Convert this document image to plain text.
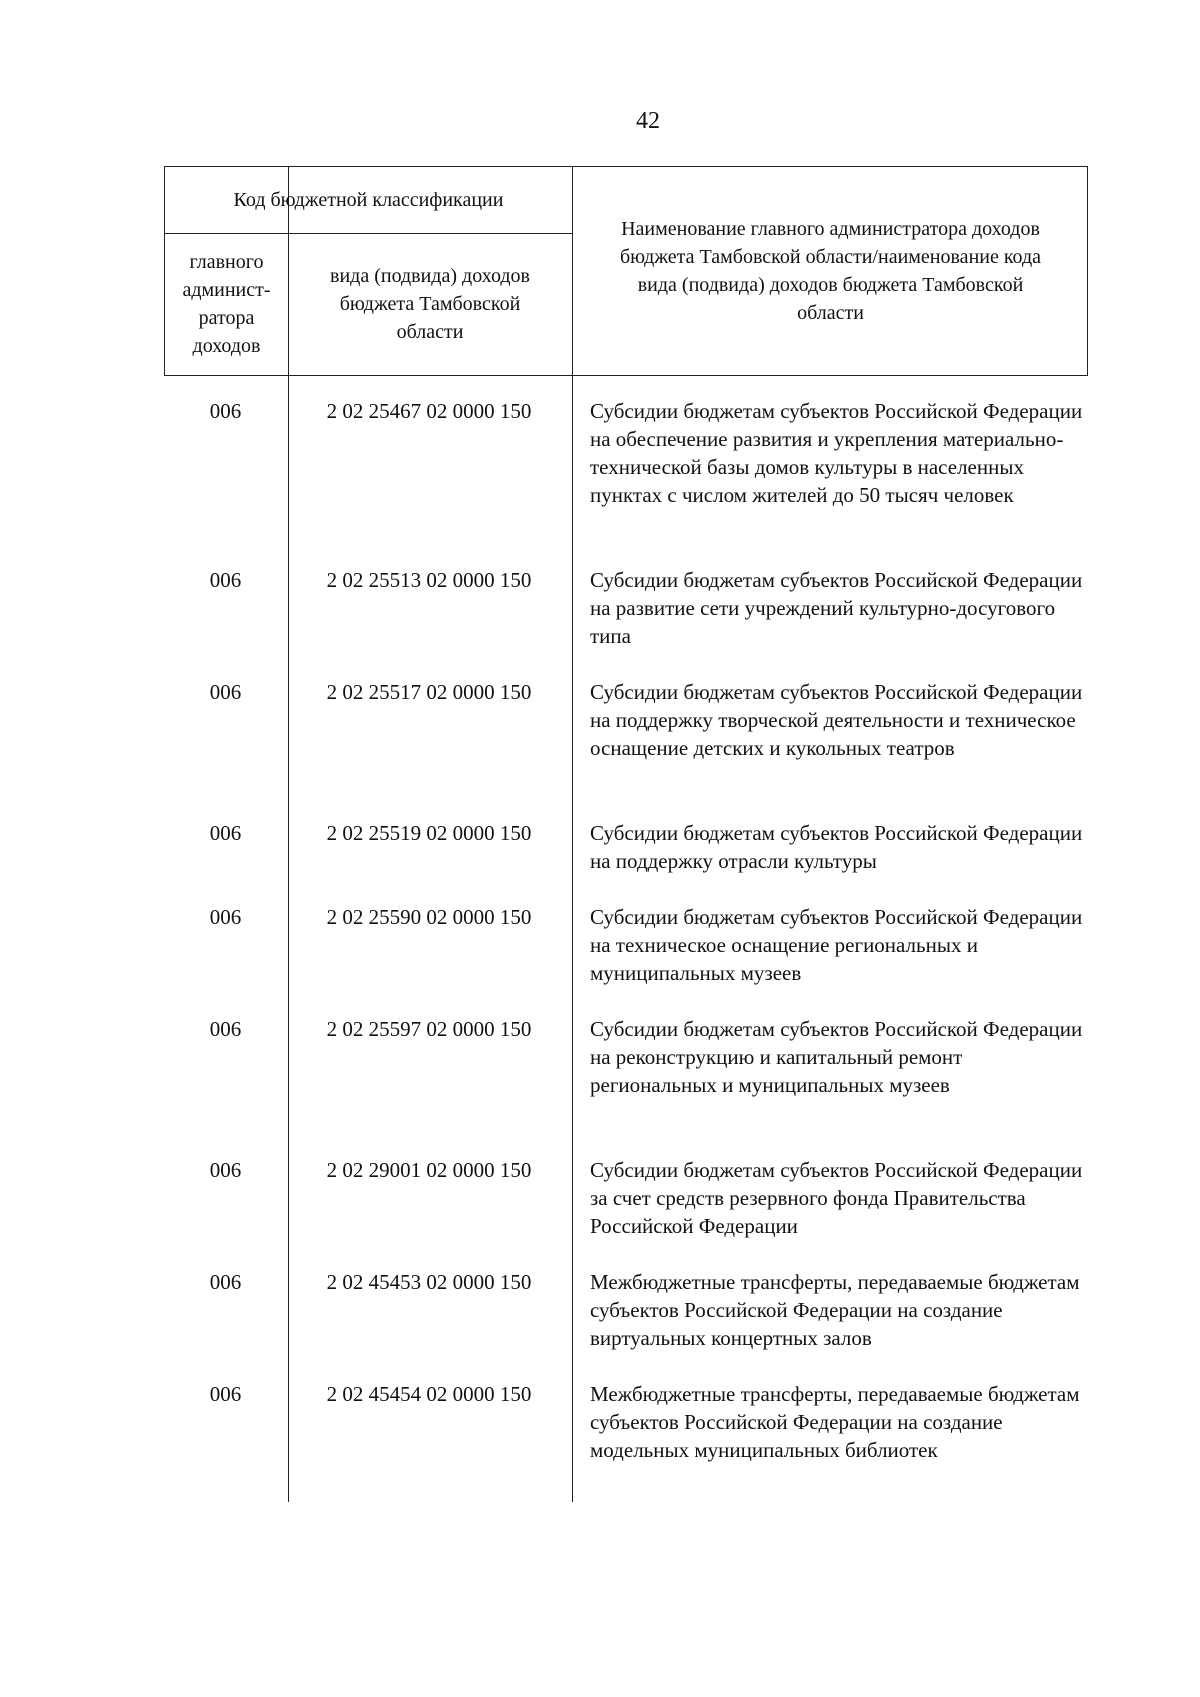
42
Код бюджетной классификации
главного админист-ратора доходов
вида (подвида) доходов бюджета Тамбовской области
Наименование главного администратора доходов бюджета Тамбовской области/наименование кода вида (подвида) доходов бюджета Тамбовской области
006	2 02 25467 02 0000 150	Субсидии бюджетам субъектов Российской Федерации на обеспечение развития и укрепления материально-технической базы домов культуры в населенных пунктах с числом жителей до 50 тысяч человек
006	2 02 25513 02 0000 150	Субсидии бюджетам субъектов Российской Федерации на развитие сети учреждений культурно-досугового типа
006	2 02 25517 02 0000 150	Субсидии бюджетам субъектов Российской Федерации на поддержку творческой деятельности и техническое оснащение детских и кукольных театров
006	2 02 25519 02 0000 150	Субсидии бюджетам субъектов Российской Федерации на поддержку отрасли культуры
006	2 02 25590 02 0000 150	Субсидии бюджетам субъектов Российской Федерации на техническое оснащение региональных и муниципальных музеев
006	2 02 25597 02 0000 150	Субсидии бюджетам субъектов Российской Федерации на реконструкцию и капитальный ремонт региональных и муниципальных музеев
006	2 02 29001 02 0000 150	Субсидии бюджетам субъектов Российской Федерации за счет средств резервного фонда Правительства Российской Федерации
006	2 02 45453 02 0000 150	Межбюджетные трансферты, передаваемые бюджетам субъектов Российской Федерации на создание виртуальных концертных залов
006	2 02 45454 02 0000 150	Межбюджетные трансферты, передаваемые бюджетам субъектов Российской Федерации на создание модельных муниципальных библиотек
